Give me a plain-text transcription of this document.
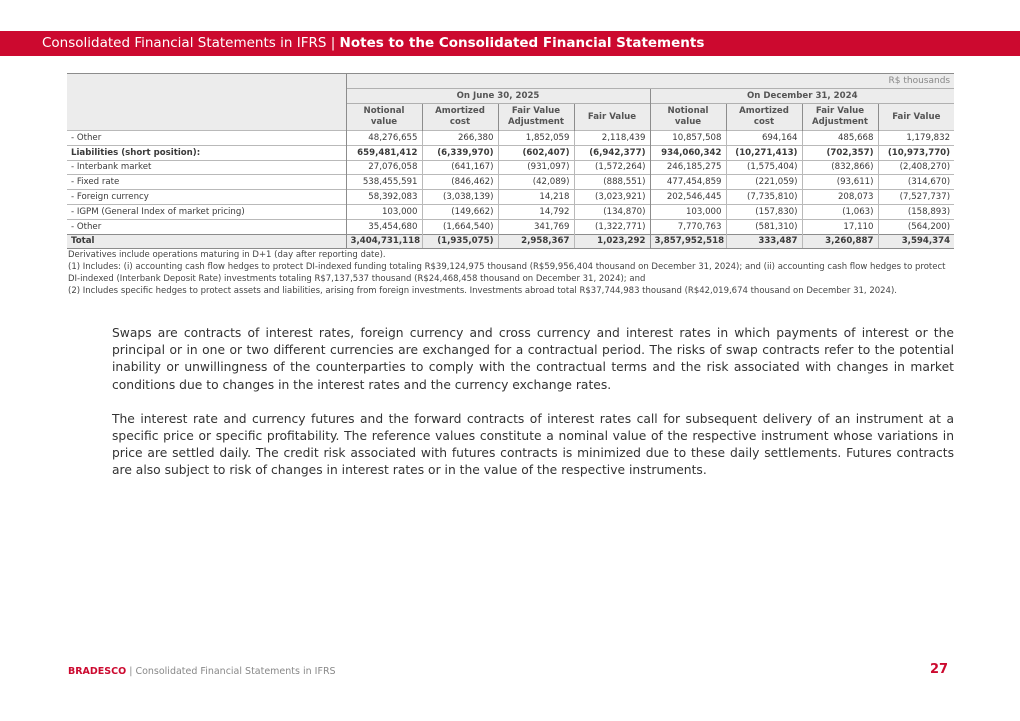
Consolidated Financial Statements in IFRS | Notes to the Consolidated Financial Statements
	R$ thousands							
	On June 30, 2025				On December 31, 2024			
	Notional value	Amortized cost	Fair Value Adjustment	Fair Value	Notional value	Amortized cost	Fair Value Adjustment	Fair Value
- Other	48,276,655	266,380	1,852,059	2,118,439	10,857,508	694,164	485,668	1,179,832
Liabilities (short position):	659,481,412	(6,339,970)	(602,407)	(6,942,377)	934,060,342	(10,271,413)	(702,357)	(10,973,770)
- Interbank market	27,076,058	(641,167)	(931,097)	(1,572,264)	246,185,275	(1,575,404)	(832,866)	(2,408,270)
- Fixed rate	538,455,591	(846,462)	(42,089)	(888,551)	477,454,859	(221,059)	(93,611)	(314,670)
- Foreign currency	58,392,083	(3,038,139)	14,218	(3,023,921)	202,546,445	(7,735,810)	208,073	(7,527,737)
- IGPM (General Index of market pricing)	103,000	(149,662)	14,792	(134,870)	103,000	(157,830)	(1,063)	(158,893)
- Other	35,454,680	(1,664,540)	341,769	(1,322,771)	7,770,763	(581,310)	17,110	(564,200)
Total	3,404,731,118	(1,935,075)	2,958,367	1,023,292	3,857,952,518	333,487	3,260,887	3,594,374

Derivatives include operations maturing in D+1 (day after reporting date).

(1) Includes: (i) accounting cash flow hedges to protect DI-indexed funding totaling R$39,124,975 thousand (R$59,956,404 thousand on December 31, 2024); and (ii) accounting cash flow hedges to protect DI-indexed (Interbank Deposit Rate) investments totaling R$7,137,537 thousand (R$24,468,458 thousand on December 31, 2024); and

(2) Includes specific hedges to protect assets and liabilities, arising from foreign investments. Investments abroad total R$37,744,983 thousand (R$42,019,674 thousand on December 31, 2024).

Swaps are contracts of interest rates, foreign currency and cross currency and interest rates in which payments of interest or the principal or in one or two different currencies are exchanged for a contractual period. The risks of swap contracts refer to the potential inability or unwillingness of the counterparties to comply with the contractual terms and the risk associated with changes in market conditions due to changes in the interest rates and the currency exchange rates.

The interest rate and currency futures and the forward contracts of interest rates call for subsequent delivery of an instrument at a specific price or specific profitability. The reference values constitute a nominal value of the respective instrument whose variations in price are settled daily. The credit risk associated with futures contracts is minimized due to these daily settlements. Futures contracts are also subject to risk of changes in interest rates or in the value of the respective instruments.

BRADESCO | Consolidated Financial Statements in IFRS	27
